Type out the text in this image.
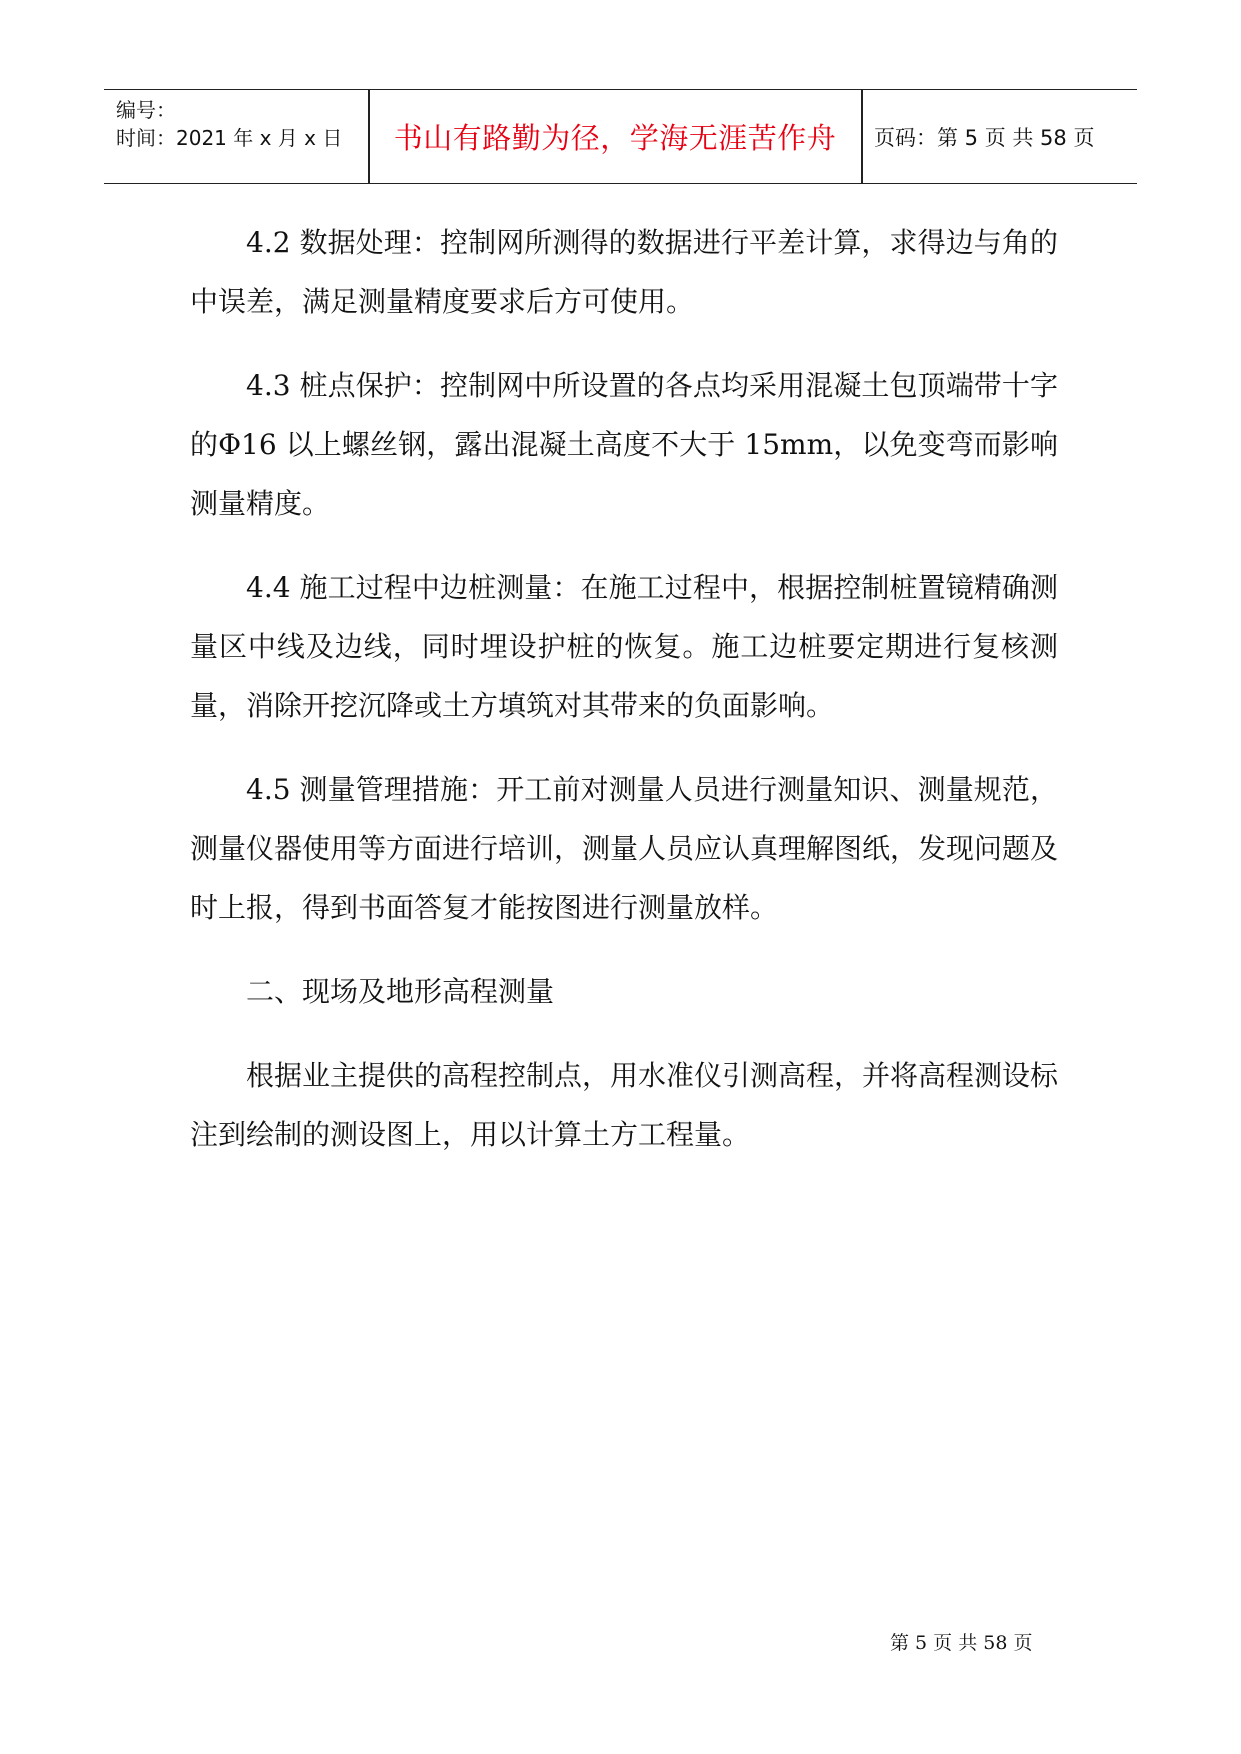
编号：
时间：2021 年 x 月 x 日	书山有路勤为径，学海无涯苦作舟	页码：第 5 页 共 58 页

4.2 数据处理：控制网所测得的数据进行平差计算，求得边与角的中误差，满足测量精度要求后方可使用。

4.3 桩点保护：控制网中所设置的各点均采用混凝土包顶端带十字的Φ16 以上螺丝钢，露出混凝土高度不大于 15mm，以免变弯而影响测量精度。

4.4 施工过程中边桩测量：在施工过程中，根据控制桩置镜精确测量区中线及边线，同时埋设护桩的恢复。施工边桩要定期进行复核测量，消除开挖沉降或土方填筑对其带来的负面影响。

4.5 测量管理措施：开工前对测量人员进行测量知识、测量规范，测量仪器使用等方面进行培训，测量人员应认真理解图纸，发现问题及时上报，得到书面答复才能按图进行测量放样。

二、现场及地形高程测量

根据业主提供的高程控制点，用水准仪引测高程，并将高程测设标注到绘制的测设图上，用以计算土方工程量。

第 5 页 共 58 页
